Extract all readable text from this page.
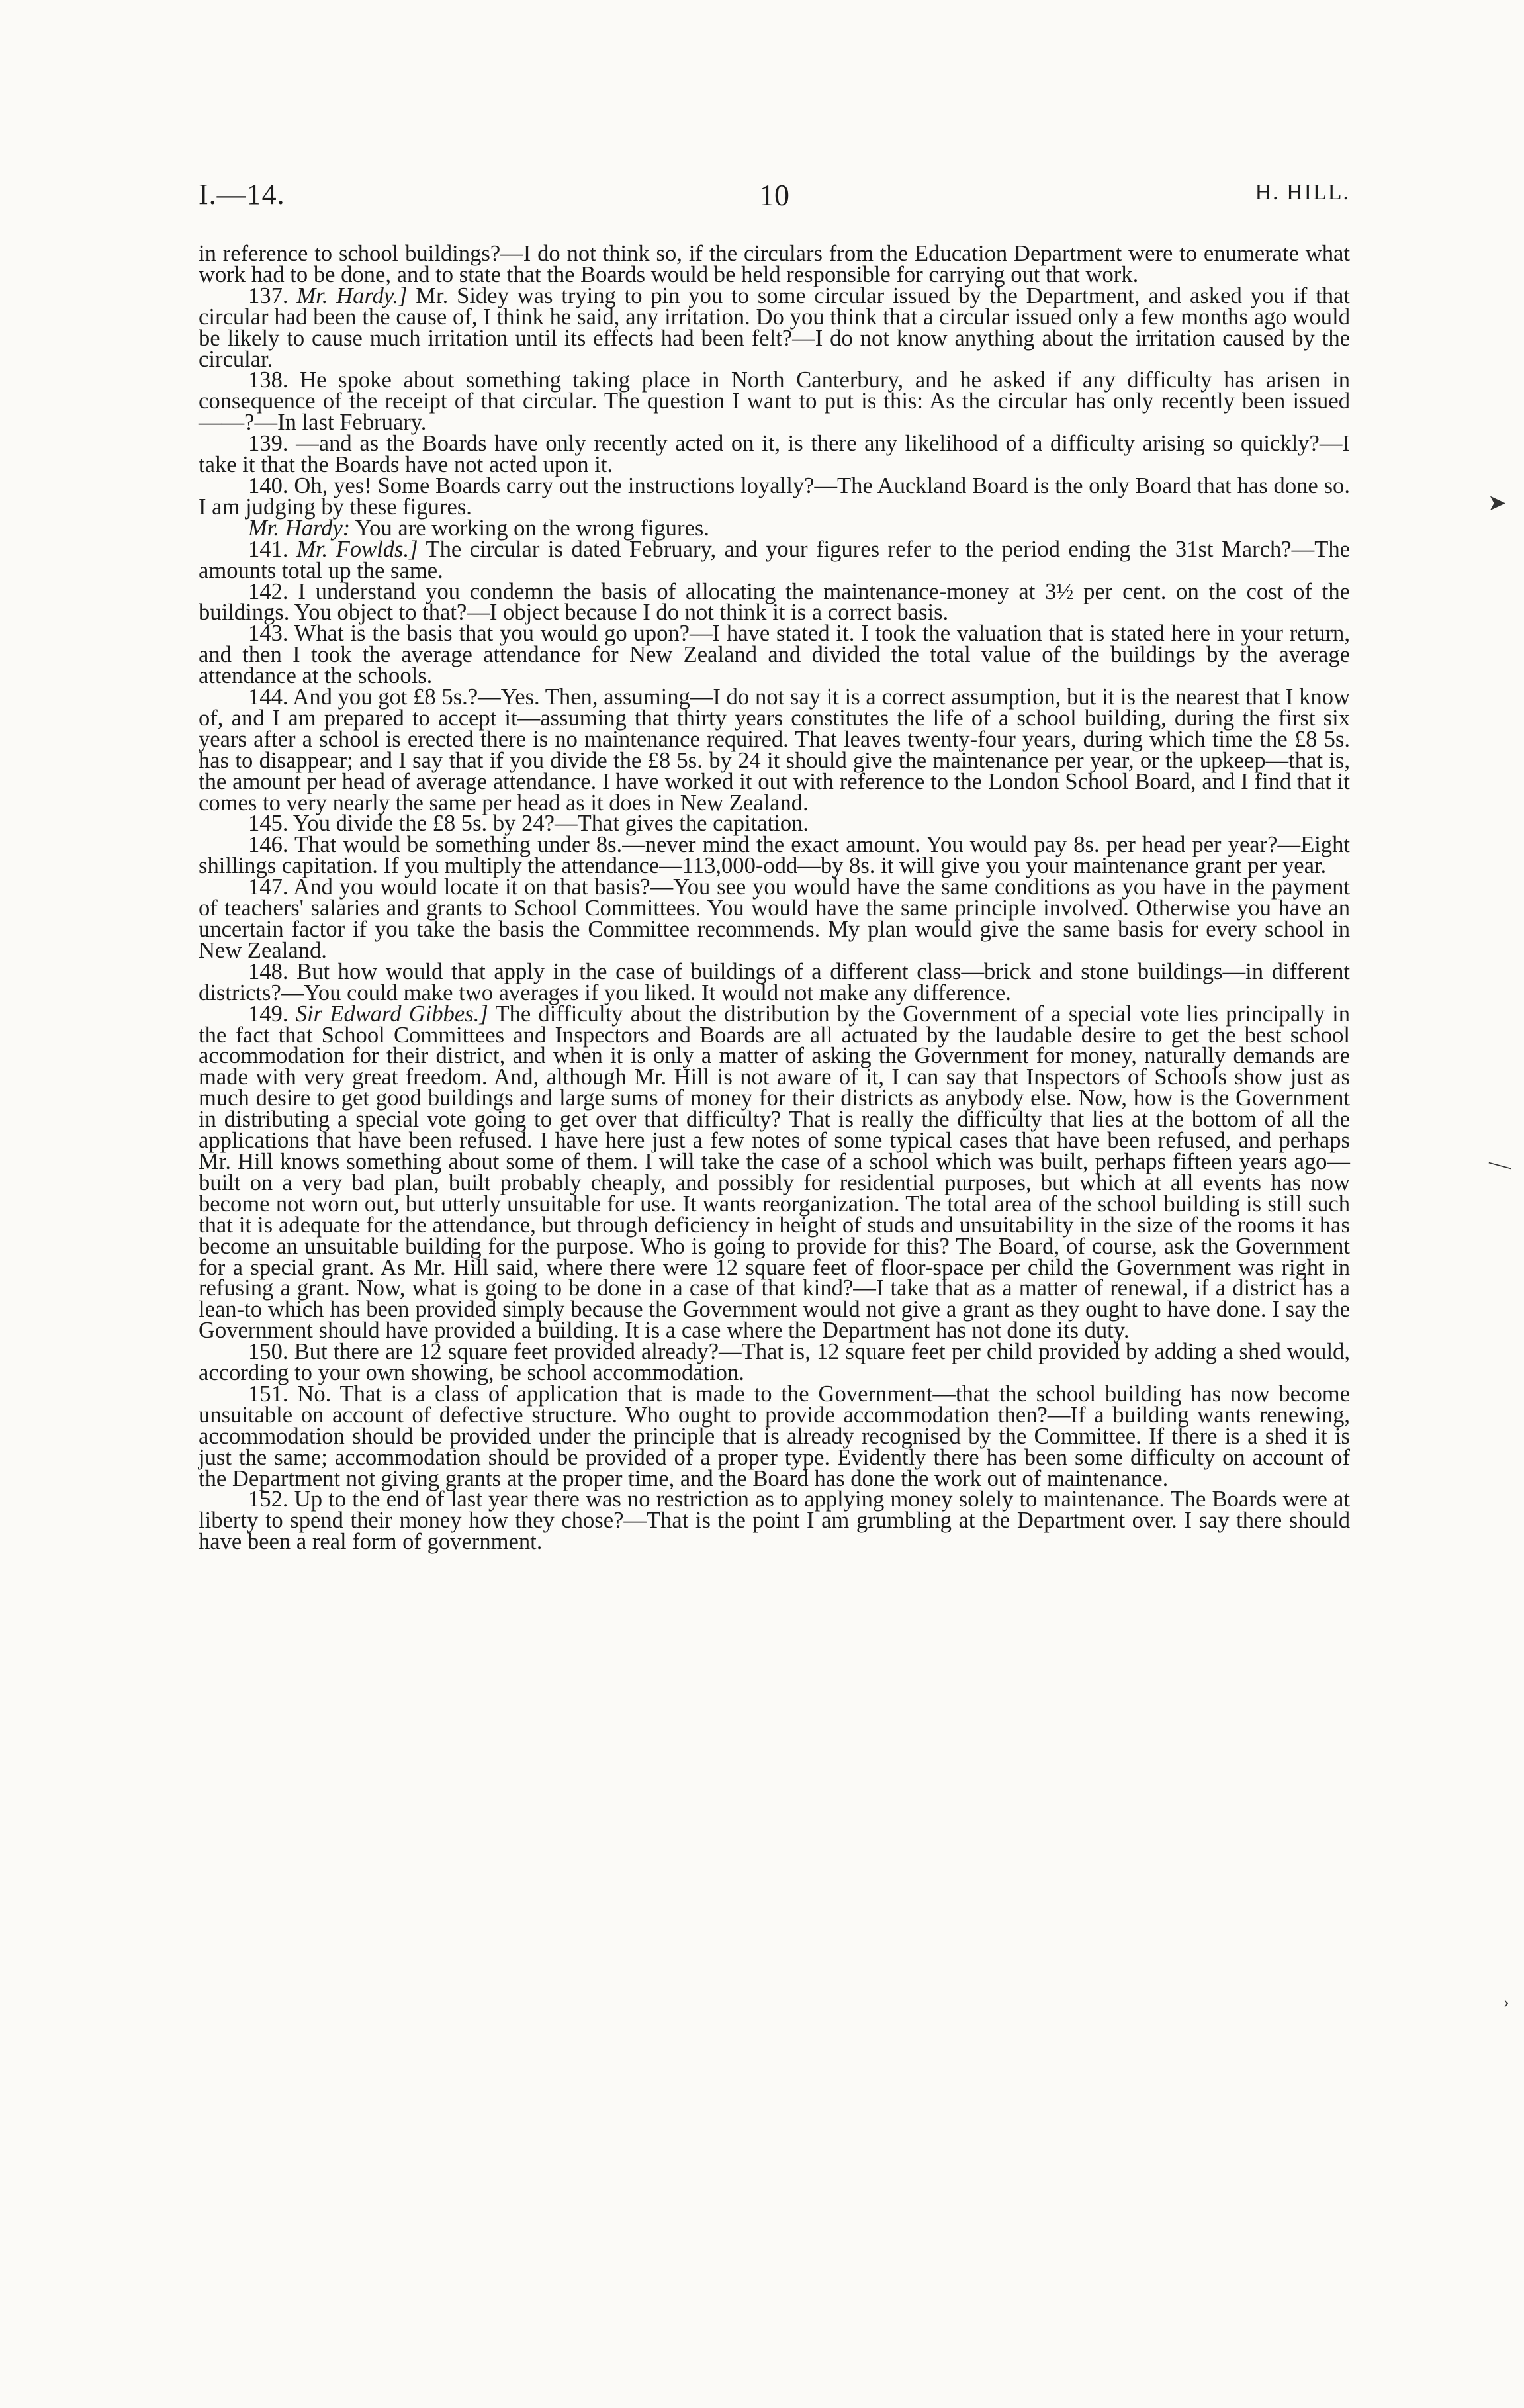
I.—14.	10	H. HILL.

in reference to school buildings?—I do not think so, if the circulars from the Education Department were to enumerate what work had to be done, and to state that the Boards would be held responsible for carrying out that work.

137. Mr. Hardy.] Mr. Sidey was trying to pin you to some circular issued by the Department, and asked you if that circular had been the cause of, I think he said, any irritation. Do you think that a circular issued only a few months ago would be likely to cause much irritation until its effects had been felt?—I do not know anything about the irritation caused by the circular.

138. He spoke about something taking place in North Canterbury, and he asked if any difficulty has arisen in consequence of the receipt of that circular. The question I want to put is this: As the circular has only recently been issued——?—In last February.

139. —and as the Boards have only recently acted on it, is there any likelihood of a difficulty arising so quickly?—I take it that the Boards have not acted upon it.

140. Oh, yes! Some Boards carry out the instructions loyally?—The Auckland Board is the only Board that has done so. I am judging by these figures.

Mr. Hardy: You are working on the wrong figures.

141. Mr. Fowlds.] The circular is dated February, and your figures refer to the period ending the 31st March?—The amounts total up the same.

142. I understand you condemn the basis of allocating the maintenance-money at 3½ per cent. on the cost of the buildings. You object to that?—I object because I do not think it is a correct basis.

143. What is the basis that you would go upon?—I have stated it. I took the valuation that is stated here in your return, and then I took the average attendance for New Zealand and divided the total value of the buildings by the average attendance at the schools.

144. And you got £8 5s.?—Yes. Then, assuming—I do not say it is a correct assumption, but it is the nearest that I know of, and I am prepared to accept it—assuming that thirty years constitutes the life of a school building, during the first six years after a school is erected there is no maintenance required. That leaves twenty-four years, during which time the £8 5s. has to disappear; and I say that if you divide the £8 5s. by 24 it should give the maintenance per year, or the upkeep—that is, the amount per head of average attendance. I have worked it out with reference to the London School Board, and I find that it comes to very nearly the same per head as it does in New Zealand.

145. You divide the £8 5s. by 24?—That gives the capitation.

146. That would be something under 8s.—never mind the exact amount. You would pay 8s. per head per year?—Eight shillings capitation. If you multiply the attendance—113,000-odd—by 8s. it will give you your maintenance grant per year.

147. And you would locate it on that basis?—You see you would have the same conditions as you have in the payment of teachers' salaries and grants to School Committees. You would have the same principle involved. Otherwise you have an uncertain factor if you take the basis the Committee recommends. My plan would give the same basis for every school in New Zealand.

148. But how would that apply in the case of buildings of a different class—brick and stone buildings—in different districts?—You could make two averages if you liked. It would not make any difference.

149. Sir Edward Gibbes.] The difficulty about the distribution by the Government of a special vote lies principally in the fact that School Committees and Inspectors and Boards are all actuated by the laudable desire to get the best school accommodation for their district, and when it is only a matter of asking the Government for money, naturally demands are made with very great freedom. And, although Mr. Hill is not aware of it, I can say that Inspectors of Schools show just as much desire to get good buildings and large sums of money for their districts as anybody else. Now, how is the Government in distributing a special vote going to get over that difficulty? That is really the difficulty that lies at the bottom of all the applications that have been refused. I have here just a few notes of some typical cases that have been refused, and perhaps Mr. Hill knows something about some of them. I will take the case of a school which was built, perhaps fifteen years ago—built on a very bad plan, built probably cheaply, and possibly for residential purposes, but which at all events has now become not worn out, but utterly unsuitable for use. It wants reorganization. The total area of the school building is still such that it is adequate for the attendance, but through deficiency in height of studs and unsuitability in the size of the rooms it has become an unsuitable building for the purpose. Who is going to provide for this? The Board, of course, ask the Government for a special grant. As Mr. Hill said, where there were 12 square feet of floor-space per child the Government was right in refusing a grant. Now, what is going to be done in a case of that kind?—I take that as a matter of renewal, if a district has a lean-to which has been provided simply because the Government would not give a grant as they ought to have done. I say the Government should have provided a building. It is a case where the Department has not done its duty.

150. But there are 12 square feet provided already?—That is, 12 square feet per child provided by adding a shed would, according to your own showing, be school accommodation.

151. No. That is a class of application that is made to the Government—that the school building has now become unsuitable on account of defective structure. Who ought to provide accommodation then?—If a building wants renewing, accommodation should be provided under the principle that is already recognised by the Committee. If there is a shed it is just the same; accommodation should be provided of a proper type. Evidently there has been some difficulty on account of the Department not giving grants at the proper time, and the Board has done the work out of maintenance.

152. Up to the end of last year there was no restriction as to applying money solely to maintenance. The Boards were at liberty to spend their money how they chose?—That is the point I am grumbling at the Department over. I say there should have been a real form of government.

➤
—
›
